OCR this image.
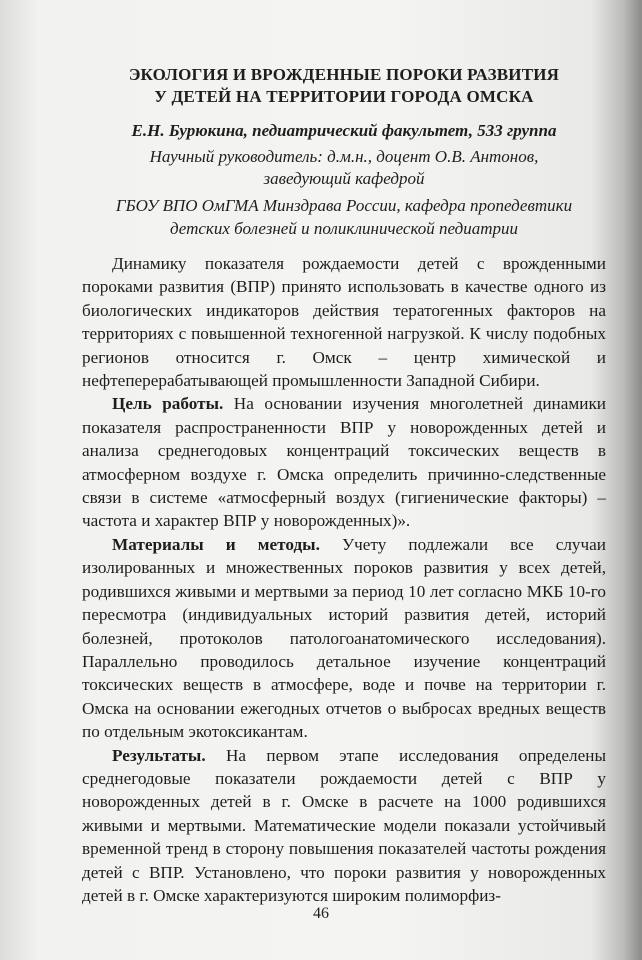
ЭКОЛОГИЯ И ВРОЖДЕННЫЕ ПОРОКИ РАЗВИТИЯ
У ДЕТЕЙ НА ТЕРРИТОРИИ ГОРОДА ОМСКА

Е.Н. Бурюкина, педиатрический факультет, 533 группа

Научный руководитель: д.м.н., доцент О.В. Антонов,
заведующий кафедрой

ГБОУ ВПО ОмГМА Минздрава России, кафедра пропедевтики
детских болезней и поликлинической педиатрии

Динамику показателя рождаемости детей с врожденными пороками развития (ВПР) принято использовать в качестве одного из биологических индикаторов действия тератогенных факторов на территориях с повышенной техногенной нагрузкой. К числу подобных регионов относится г. Омск – центр химической и нефтеперерабатывающей промышленности Западной Сибири.

Цель работы. На основании изучения многолетней динамики показателя распространенности ВПР у новорожденных детей и анализа среднегодовых концентраций токсических веществ в атмосферном воздухе г. Омска определить причинно-следственные связи в системе «атмосферный воздух (гигиенические факторы) – частота и характер ВПР у новорожденных)».

Материалы и методы. Учету подлежали все случаи изолированных и множественных пороков развития у всех детей, родившихся живыми и мертвыми за период 10 лет согласно МКБ 10-го пересмотра (индивидуальных историй развития детей, историй болезней, протоколов патологоанатомического исследования). Параллельно проводилось детальное изучение концентраций токсических веществ в атмосфере, воде и почве на территории г. Омска на основании ежегодных отчетов о выбросах вредных веществ по отдельным экотоксикантам.

Результаты. На первом этапе исследования определены среднегодовые показатели рождаемости детей с ВПР у новорожденных детей в г. Омске в расчете на 1000 родившихся живыми и мертвыми. Математические модели показали устойчивый временной тренд в сторону повышения показателей частоты рождения детей с ВПР. Установлено, что пороки развития у новорожденных детей в г. Омске характеризуются широким полиморфиз-

46
